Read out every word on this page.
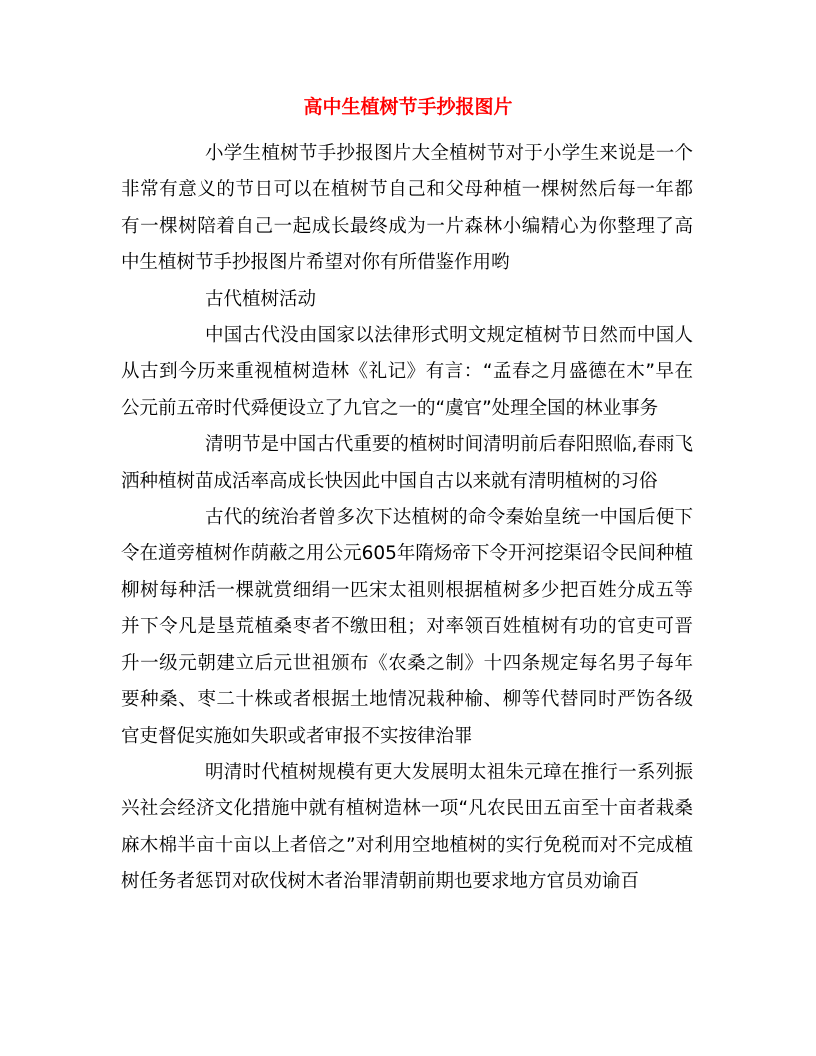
高中生植树节手抄报图片

小学生植树节手抄报图片大全植树节对于小学生来说是一个非常有意义的节日可以在植树节自己和父母种植一棵树然后每一年都有一棵树陪着自己一起成长最终成为一片森林小编精心为你整理了高中生植树节手抄报图片希望对你有所借鉴作用哟

古代植树活动

中国古代没由国家以法律形式明文规定植树节日然而中国人从古到今历来重视植树造林《礼记》有言：“孟春之月盛德在木”早在公元前五帝时代舜便设立了九官之一的“虞官”处理全国的林业事务

清明节是中国古代重要的植树时间清明前后春阳照临,春雨飞洒种植树苗成活率高成长快因此中国自古以来就有清明植树的习俗

古代的统治者曾多次下达植树的命令秦始皇统一中国后便下令在道旁植树作荫蔽之用公元605年隋炀帝下令开河挖渠诏令民间种植柳树每种活一棵就赏细绢一匹宋太祖则根据植树多少把百姓分成五等并下令凡是垦荒植桑枣者不缴田租；对率领百姓植树有功的官吏可晋升一级元朝建立后元世祖颁布《农桑之制》十四条规定每名男子每年要种桑、枣二十株或者根据土地情况栽种榆、柳等代替同时严饬各级官吏督促实施如失职或者审报不实按律治罪

明清时代植树规模有更大发展明太祖朱元璋在推行一系列振兴社会经济文化措施中就有植树造林一项“凡农民田五亩至十亩者栽桑麻木棉半亩十亩以上者倍之”对利用空地植树的实行免税而对不完成植树任务者惩罚对砍伐树木者治罪清朝前期也要求地方官员劝谕百
